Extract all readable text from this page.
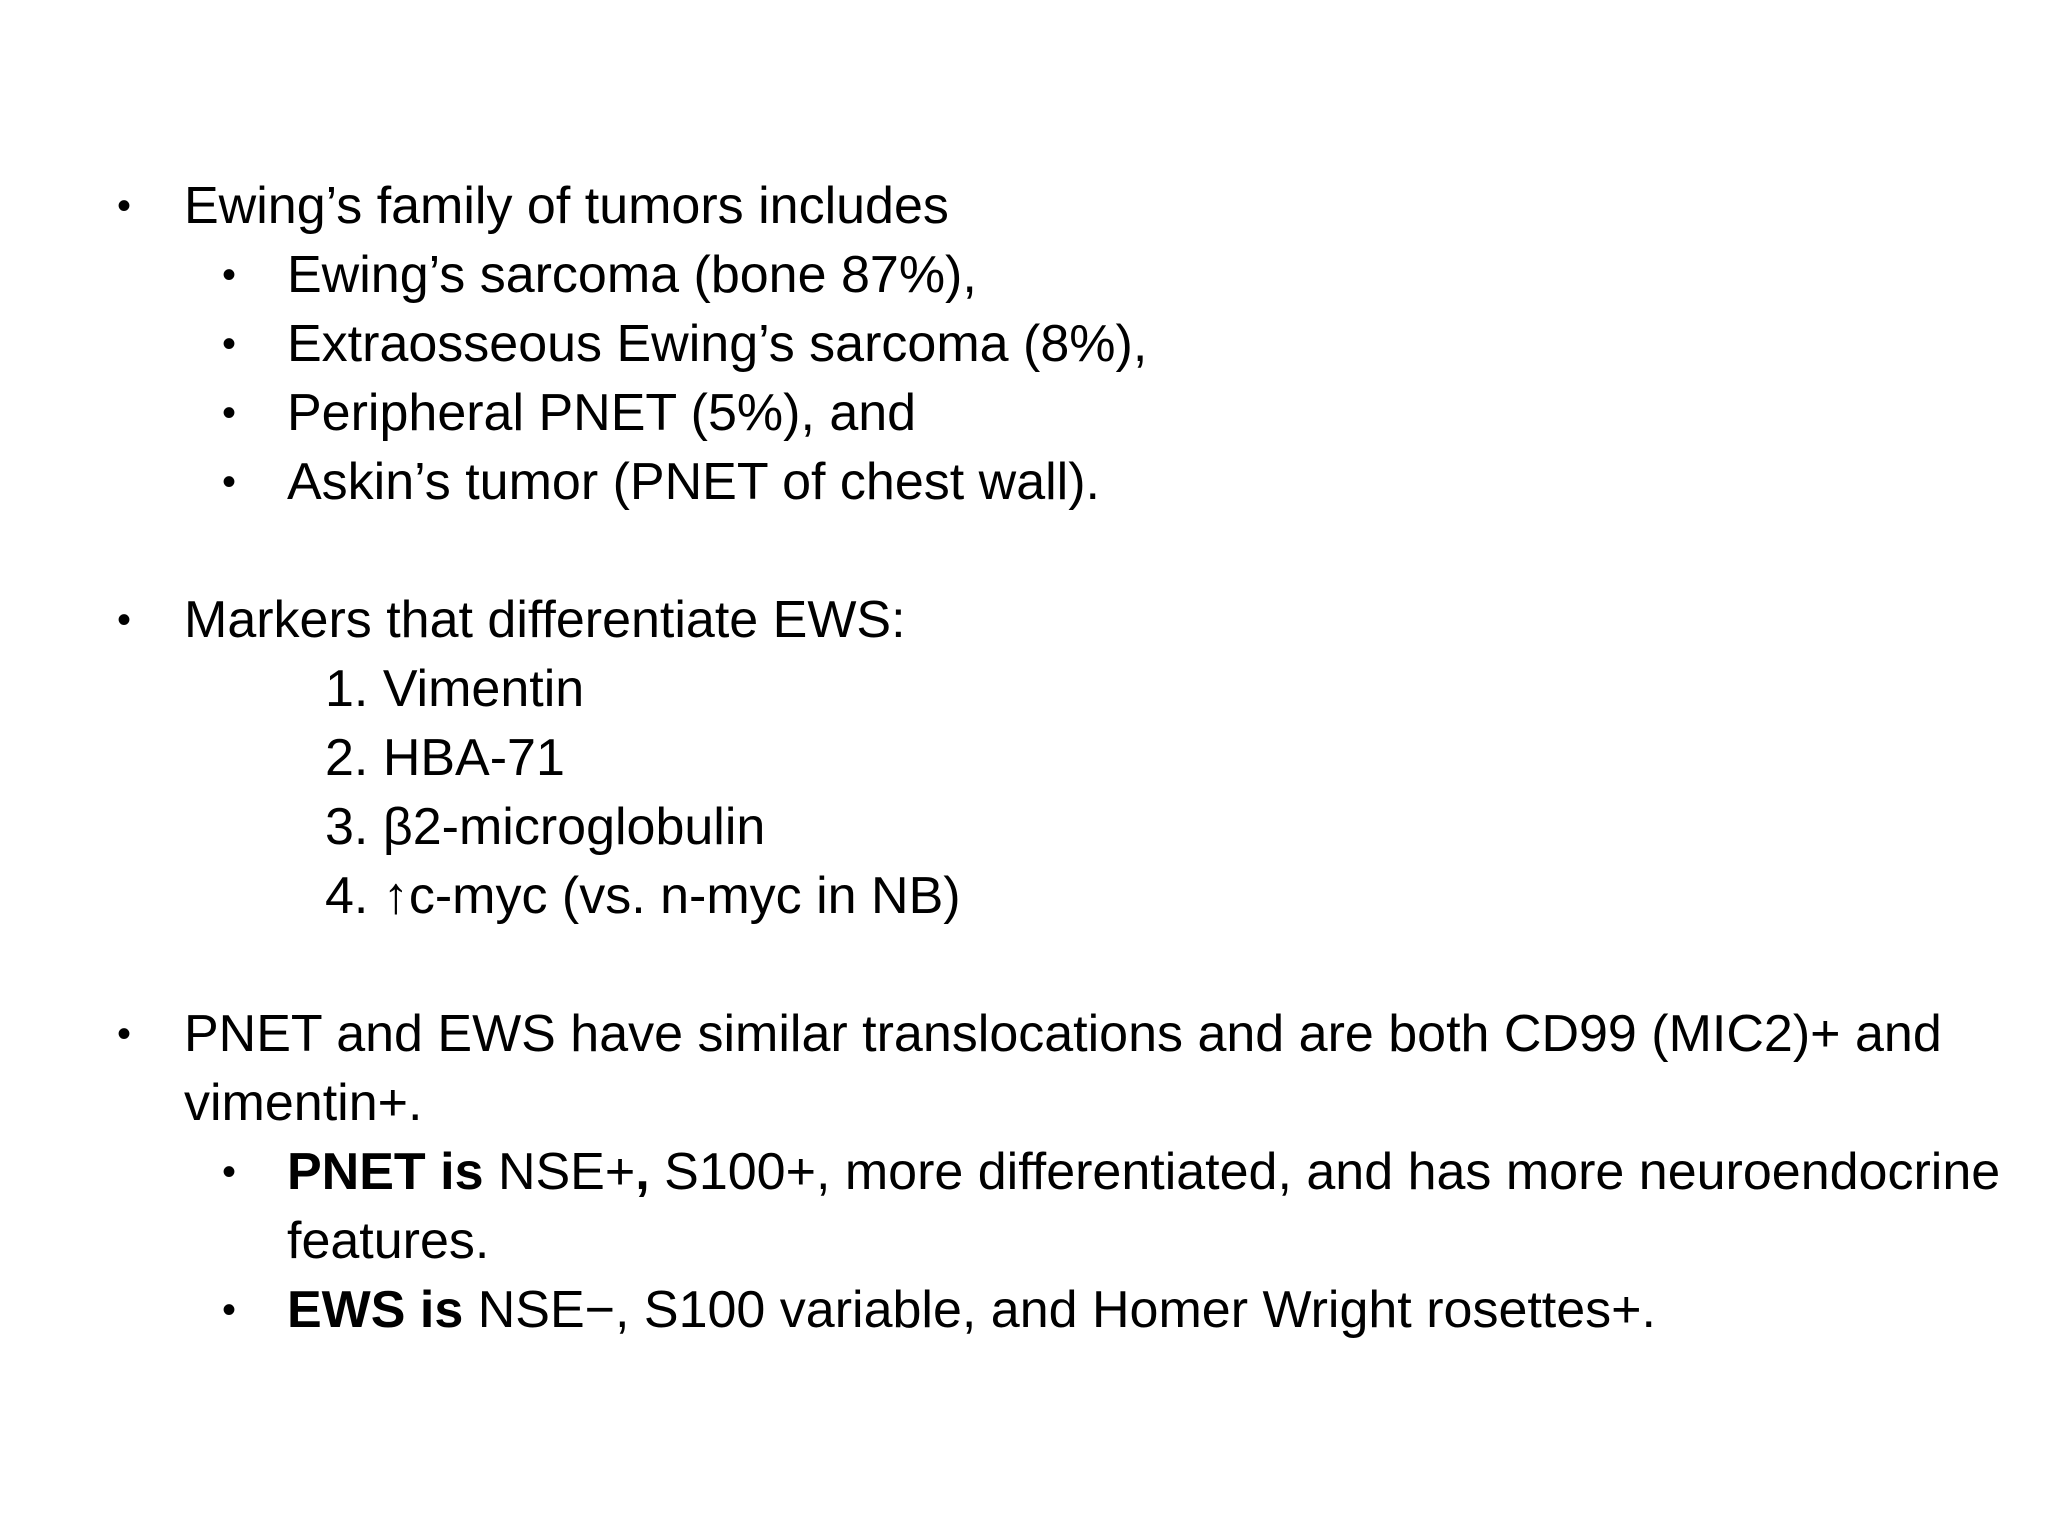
• Ewing’s family of tumors includes
• Ewing’s sarcoma (bone 87%),
• Extraosseous Ewing’s sarcoma (8%),
• Peripheral PNET (5%), and
• Askin’s tumor (PNET of chest wall).
• Markers that differentiate EWS:
1. Vimentin
2. HBA-71
3. β2-microglobulin
4. ↑c-myc (vs. n-myc in NB)
• PNET and EWS have similar translocations and are both CD99 (MIC2)+ and
vimentin+.
• PNET is NSE+, S100+, more differentiated, and has more neuroendocrine
features.
• EWS is NSE−, S100 variable, and Homer Wright rosettes+.
